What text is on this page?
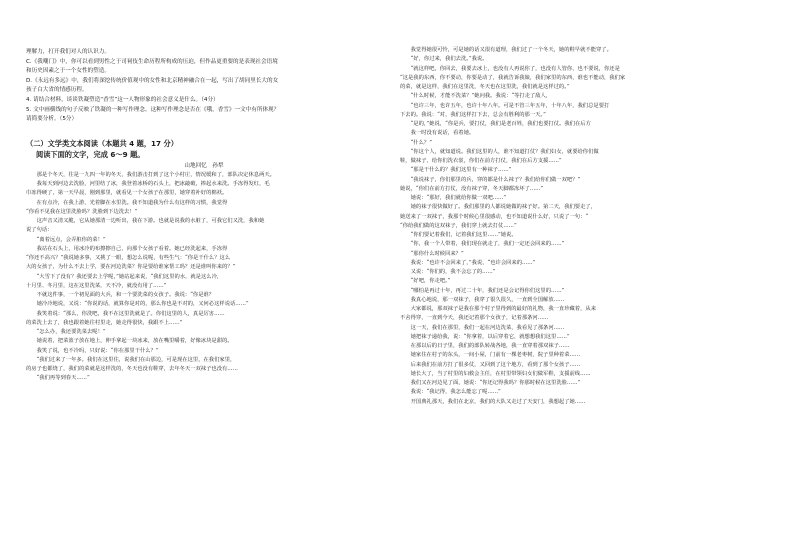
理解力，打开我们对人的认识力。

C.《我嘲门》中，你可以看到男性之于司祠伎生命历程所构成的压迫，但作品更重要的是表现社会语境

和历史因素之于一个女性的塑造。

D.《永远有多远》中，我们将深挖传统价值观中的女性和北京精神融合在一起，写出了胡同里长大的女

孩子白大省的情感历程。

4. 请结合材料，谈谈铁凝塑造“香雪”这一人物形象的社会意义是什么。（4分）

5. 文中画横线的句子反映了铁凝的一种写作理念。这种写作理念是否在《哦，香雪》一文中有所体现？

请简要分析。（5分）

（二）文学类文本阅读（本题共 4 题，17 分）
阅读下面的文字，完成 6～9 题。
山地回忆　孙犁

　　那是个冬天，往是一九四一年的冬天，我们游击打到了这个小村庄，情况缓和了，部队决定休息两天。

　　我每天到河边去洗脸，河里结了冰，我登着冰桥的石头上，把冰敲破，捧起水来洗。手冻得发红，毛

巾冻得硬了，第一天早晨，刚到那里，就看见一个女孩子在那里，她穿着补好的棉袄。

　　在有点冷，在我上游，光着脚在水里洗。我不知道我为什么有这样的习惯，我觉得

“你看不见我在这里洗脸吗？洗脸到下边洗去！”

　　这声音又清又脆，它从她那清一边听出，我在下游。也就是说我的水脏了，可我它们又洗，我和她

说了句话：

　　“离着远点，会弄脏你的菜！”

　　我站在石头上，用冰冷的布擦擦自己，向那个女孩子看着。她已经洗起来，手冻得

“你还不高兴？”我说她多事，又挑了一眼，想怎么说呢，有些生气：“你是干什么？这么

大的女孩子，为什么不去上学，要在河边洗菜？你是要给谁家帮工吗？还是谁叫你来的？”

　　“大雪下了没有？我还要去上学呢，”她站起来说，“我们这里的水，就是这么冷，

十月里、冬月里，这在这里洗菜，天不冷，就没有用了……”

　　不就这件事，一个初见面的大兵，和一个要洗菜的女孩子。我说：“你是谁？

　　她冷冷地说，又说：“你说的话，就算你是对的，那么你也是不对的，又何必这样说话……”

　　我笑着说：“那么，你洗吧，我不在这里洗就是了。你们这里的人，真是厉害……

的菜洗上去了，我也跟着她往村里走，她走得很快，我跟不上……”

　　“怎么办，我还要洗菜去呢！”

　　她说着，把菜篮子放在地上，伸手拿起一块冰来，放在嘴里嚼着，好像冰块是甜的。

　　我笑了说，也不冷吗，只好说：“你在那里干什么？”

　　“我们过来了一年多。我们在这里住，说我们在山那边，可是现在这里，在我们家里，

的房子也都烧了，我们的菜就是这样洗的，冬天也没有鞋穿，去年冬天一双袜子也没有……

　　“我们再等到春天……”

　　我觉得她很可怜，可是她的话又很有道理，我们过了一个冬天，她的鞋早就不能穿了。

　　“好，你过来，我们去洗。”我说。

　　“就这样吧，你回去，我要去冰上，也没有人再说你了，也没有人管你，也不要说，你还是

“这是我的东西，你不要动，你要是动了，我就告诉我娘，我们家里的东西，谁也不能动，我们家

的菜，就是这样，我们在这里洗，冬天也在这里洗，我们就是这样过的。”

　　“什么时候，才能不洗菜？”她问我。我说：“等打走了敌人，

　　“也许三年，也许五年，也许十年八年。可是不管三年五年，十年八年，我们总是要打

下去的。我说：“对，我们这样打下去，总会有胜利的那一天。”

　　“是的，”她说，“你是兵，要打仗，我们是老百姓，我们也要打仗。我们在后方

　　我一时没有说话，看着她。

　　“什么？”

　　“你这个人，就知道说。我们这里的人，谁不知道打仗？我们妇女，就要给你们做

鞋，做袜子，给你们洗衣裳，你们在前方打仗，我们在后方支援……”

　　“那是干什么的？我们这里有一种袜子……”

　　“我说袜子，你们那里的兵，穿的都是什么袜子？我们给你们做一双吧？”

她说，“你们在前方打仗，没有袜子穿，冬天脚都冻坏了……”

　　她说：“那好，我们就给你做一双吧……”

　　她的袜子很快做好了。我们那里的人都说她做的袜子好。第二天，我们要走了，

她送来了一双袜子，我那个时候心里很感动，也不知道说什么好，只说了一句：“

“你给我们做的这双袜子，我们穿上就去打仗……”

　　“你们要记着我们，记着我们这里……”她说。

　　“你，我一个人带着，我们现在就走了，我们一定还会回来的……”

　　“那你什么时候回来？”

　　我说：“也许不会回来了，”我说，“也许会回来的……”

　　又说：“你们的，我不会忘了的……”

　　“好吧，你走吧。”

　　“哪怕是再过十年，再过二十年，我们还是会记得你们这里的……”

　　我真心地说，那一双袜子，我穿了很久很久，一直到全国解放……

　　大家都说，那双袜子是我在那个村子里得到的最好的礼物，我一直珍藏着，从来

不舍得穿，一直到今天，我还记着那个女孩子，记着那条河……

　　这一天，我们在那里，我们一起在河边洗菜，我看见了那条河……

　　她把袜子递给我，说：“你拿着，以后穿着它，就想想我们这里……”

　　在那以后的日子里，我们的部队转战各地，我一直穿着那双袜子……

　　她家住在村子的东头，一间小屋，门前有一棵老枣树，院子里种着菜……

　　后来我们在前方打了很多仗，又回到了这个地方，看到了那个女孩子……

　　她长大了，当了村里的妇救会主任，在村里带领妇女们做军鞋，支援前线……

　　我们又在河边见了面，她说：“你还记得我吗？你那时候在这里洗脸……”

　　我说：“我记得，我怎么能忘了呢……”

　　开国典礼那天，我们在北京，我们的大队又走过了天安门，我想起了她……
